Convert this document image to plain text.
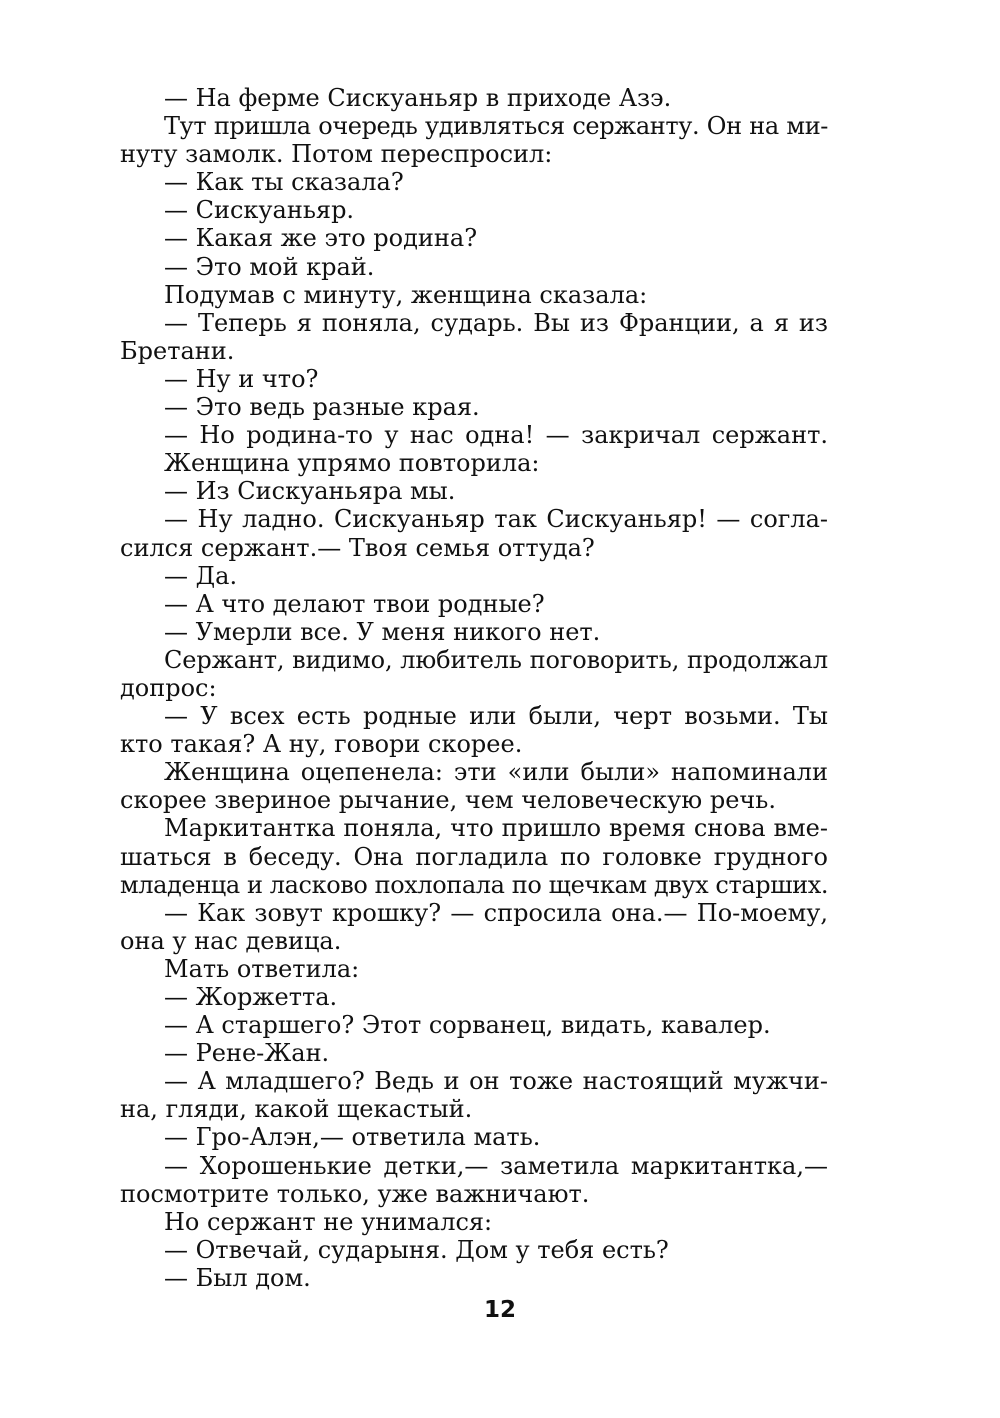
— На ферме Сискуаньяр в приходе Азэ.
Тут пришла очередь удивляться сержанту. Он на ми-
нуту замолк. Потом переспросил:
— Как ты сказала?
— Сискуаньяр.
— Какая же это родина?
— Это мой край.
Подумав с минуту, женщина сказала:
— Теперь я поняла, сударь. Вы из Франции, а я из
Бретани.
— Ну и что?
— Это ведь разные края.
— Но родина-то у нас одна! — закричал сержант.
Женщина упрямо повторила:
— Из Сискуаньяра мы.
— Ну ладно. Сискуаньяр так Сискуаньяр! — согла-
сился сержант.— Твоя семья оттуда?
— Да.
— А что делают твои родные?
— Умерли все. У меня никого нет.
Сержант, видимо, любитель поговорить, продолжал
допрос:
— У всех есть родные или были, черт возьми. Ты
кто такая? А ну, говори скорее.
Женщина оцепенела: эти «или были» напоминали
скорее звериное рычание, чем человеческую речь.
Маркитантка поняла, что пришло время снова вме-
шаться в беседу. Она погладила по головке грудного
младенца и ласково похлопала по щечкам двух старших.
— Как зовут крошку? — спросила она.— По-моему,
она у нас девица.
Мать ответила:
— Жоржетта.
— А старшего? Этот сорванец, видать, кавалер.
— Рене-Жан.
— А младшего? Ведь и он тоже настоящий мужчи-
на, гляди, какой щекастый.
— Гро-Алэн,— ответила мать.
— Хорошенькие детки,— заметила маркитантка,—
посмотрите только, уже важничают.
Но сержант не унимался:
— Отвечай, сударыня. Дом у тебя есть?
— Был дом.
12
